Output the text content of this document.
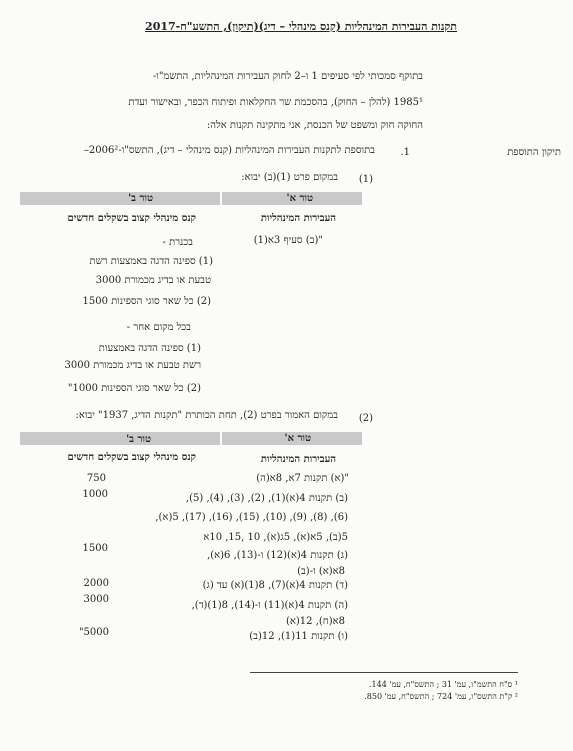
תקנות העבירות המינהליות (קנס מינהלי – דיג)(תיקון), התשע"ח-2017
בתוקף סמכותי לפי סעיפים 1 ו–2 לחוק העבירות המינהליות, התשמ"ו-
1985¹ (להלן – החוק), בהסכמת שר החקלאות ופיתוח הכפר, ובאישור ועדת
החוקה חוק ומשפט של הכנסת, אני מתקינה תקנות אלה:
תיקון התוספת
1.
בתוספת לתקנות העבירות המינהליות (קנס מינהלי – דיג), התשס"ו-2006²–
(1)
במקום פרט (1)(ב) יבוא:
טור א'
טור ב'
העבירות המינהליות
קנס מינהלי קצוב בשקלים חדשים
"(ב) סעיף 3א(1)
בכנרת -
(1) ספינה הדגה באמצעות רשת
טבעת או בדיג מכמורת 3000
(2) כל שאר סוגי הספינות 1500
בכל מקום אחר -
(1) ספינה הדגה באמצעות
רשת טבעת או בדיג מכמורת 3000
(2) כל שאר סוגי הספינות 1000"
(2)
במקום האמור בפרט (2), תחת הכותרת "תקנות הדיג, 1937" יבוא:
טור א'
טור ב'
העבירות המינהליות
קנס מינהלי קצוב בשקלים חדשים
"(א) תקנות 7א, 8א(ה)
750
(ב) תקנות 4(א)(1), (2), (3), (4), (5),
1000
(6), (8), (9), (10), (15), (16), (17), 5(א),
5(ב), 5א(א), 5ג(א), 10 ,15, 10א
(ג) תקנות 4(א)(12) ו-(13), 6(א),
1500
8א(א) ו-(ב)
(ד) תקנות 4(א)(7), 8(1)(א) עד (ג)
2000
(ה) תקנות 4(א)(11) ו-(14), 8(1)(ד),
3000
8א(ח), 12(א)
(ו) תקנות 11(1), 12(ב)
5000"
¹ ס"ח התשמ"ו, עמ' 31 ; התשס"ח, עמ' 144.
² ק"ת התשס"ו, עמ' 724 ; התשס"ח, עמ' 850.
